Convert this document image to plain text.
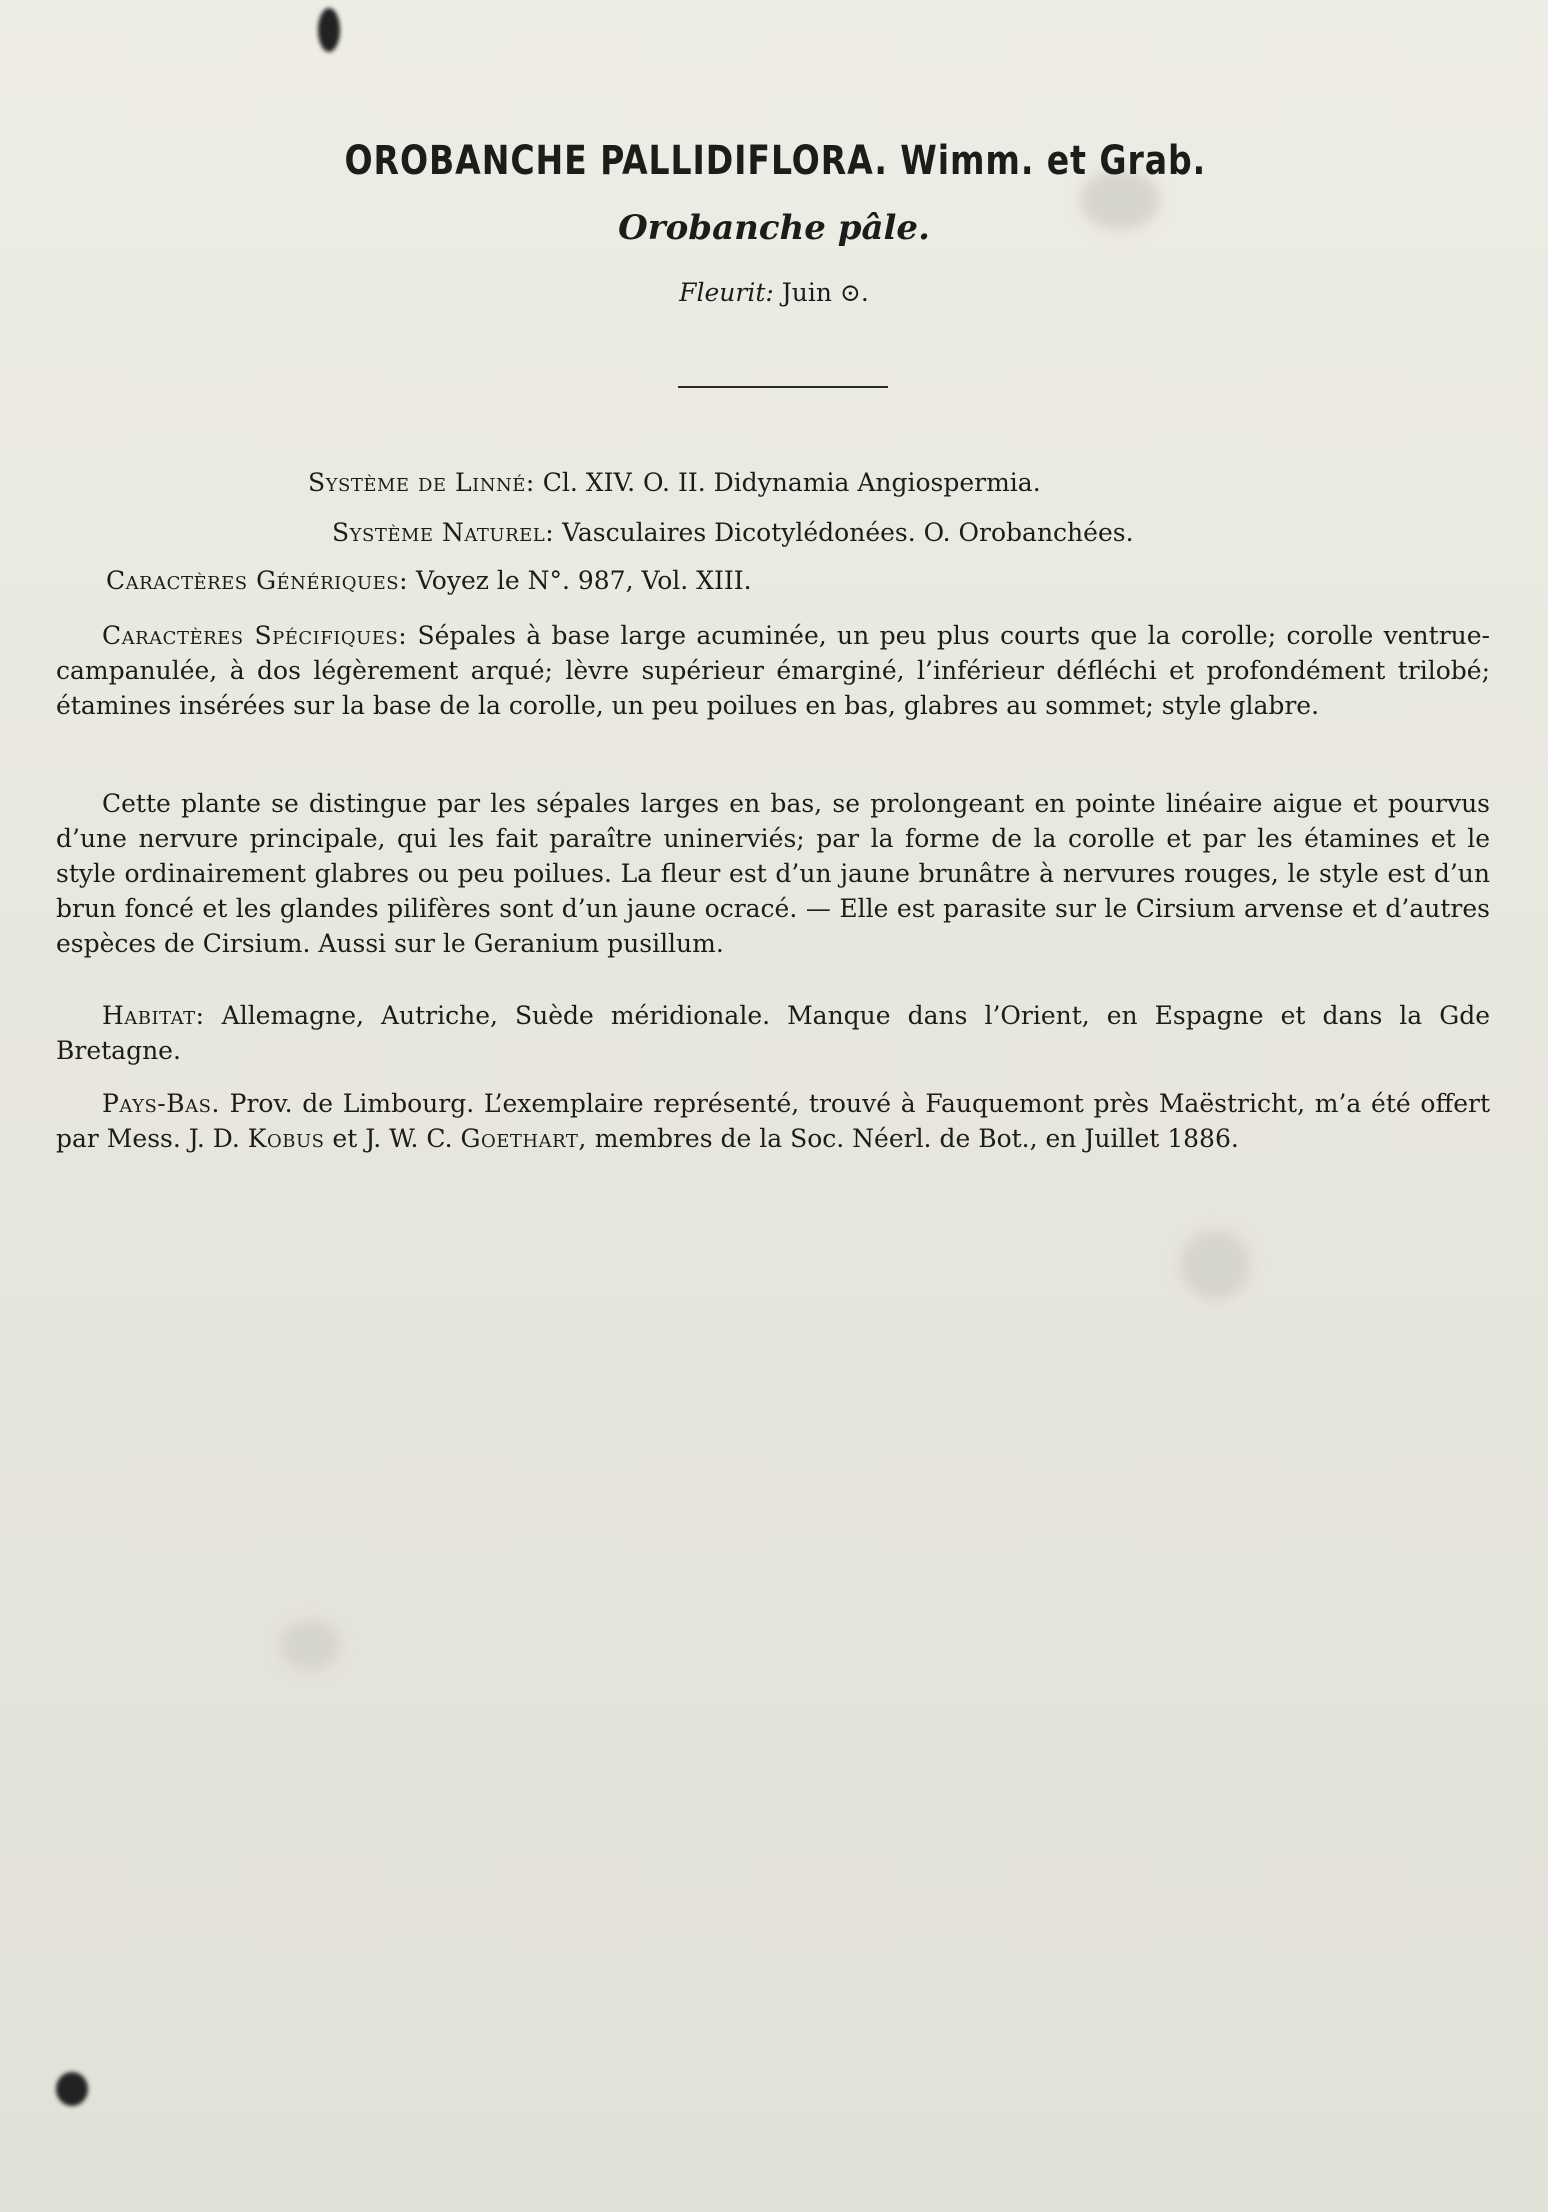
OROBANCHE PALLIDIFLORA. Wimm. et Grab.
Orobanche pâle.
Fleurit: Juin ⊙.

Système de Linné: Cl. XIV. O. II. Didynamia Angiospermia.

Système Naturel: Vasculaires Dicotylédonées. O. Orobanchées.

Caractères Génériques: Voyez le N°. 987, Vol. XIII.

Caractères Spécifiques: Sépales à base large acuminée, un peu plus courts que la corolle; corolle ventrue-campanulée, à dos légèrement arqué; lèvre supérieur émarginé, l’inférieur défléchi et profondément trilobé; étamines insérées sur la base de la corolle, un peu poilues en bas, glabres au sommet; style glabre.

Cette plante se distingue par les sépales larges en bas, se prolongeant en pointe linéaire aigue et pourvus d’une nervure principale, qui les fait paraître uninerviés; par la forme de la corolle et par les étamines et le style ordinairement glabres ou peu poilues. La fleur est d’un jaune brunâtre à nervures rouges, le style est d’un brun foncé et les glandes pilifères sont d’un jaune ocracé. — Elle est parasite sur le Cirsium arvense et d’autres espèces de Cirsium. Aussi sur le Geranium pusillum.

Habitat: Allemagne, Autriche, Suède méridionale. Manque dans l’Orient, en Espagne et dans la Gde Bretagne.

Pays-Bas. Prov. de Limbourg. L’exemplaire représenté, trouvé à Fauquemont près Maëstricht, m’a été offert par Mess. J. D. Kobus et J. W. C. Goethart, membres de la Soc. Néerl. de Bot., en Juillet 1886.
